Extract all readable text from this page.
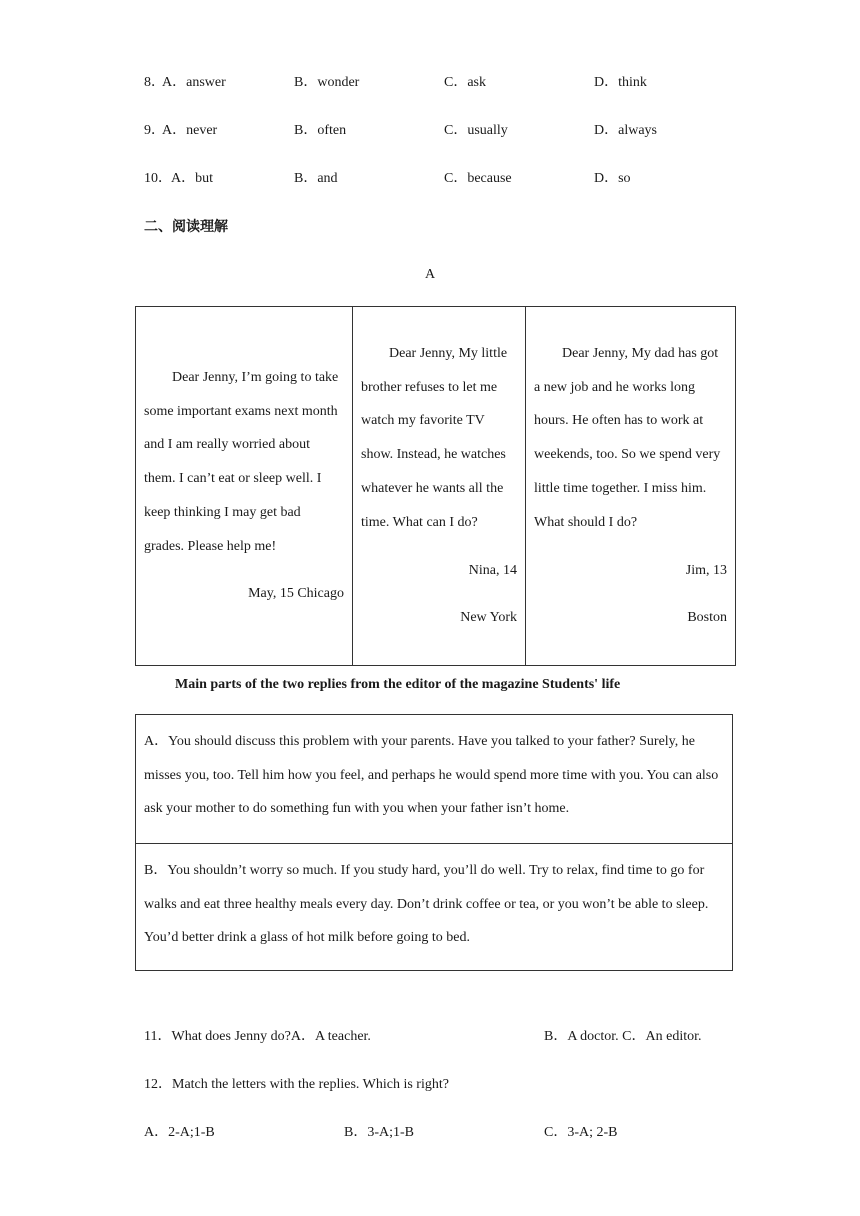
8．
A．answer	B．wonder	C．ask	D．think
9．
A．never	B．often	C．usually	D．always
10． A．but	B．and	C．because	D．so
二、阅读理解
A
Dear Jenny, I’m going to take some important exams next month and I am really worried about them. I can’t eat or sleep well. I keep thinking I may get bad grades. Please help me!
May, 15 Chicago

Dear Jenny, My little brother refuses to let me watch my favorite TV show. Instead, he watches whatever he wants all the time. What can I do?
Nina, 14
New York

Dear Jenny, My dad has got a new job and he works long hours. He often has to work at weekends, too. So we spend very little time together. I miss him. What should I do?
Jim, 13
Boston
Main parts of the two replies from the editor of the magazine Students' life
A．You should discuss this problem with your parents. Have you talked to your father? Surely, he misses you, too. Tell him how you feel, and perhaps he would spend more time with you. You can also ask your mother to do something fun with you when your father isn’t home.
B．You shouldn’t worry so much. If you study hard, you’ll do well. Try to relax, find time to go for walks and eat three healthy meals every day. Don’t drink coffee or tea, or you won’t be able to sleep. You’d better drink a glass of hot milk before going to bed.
11．What does Jenny do?A．A teacher.	B．A doctor. C．An editor.
12．Match the letters with the replies. Which is right?
A．2-A;1-B	B．3-A;1-B	C．3-A; 2-B
